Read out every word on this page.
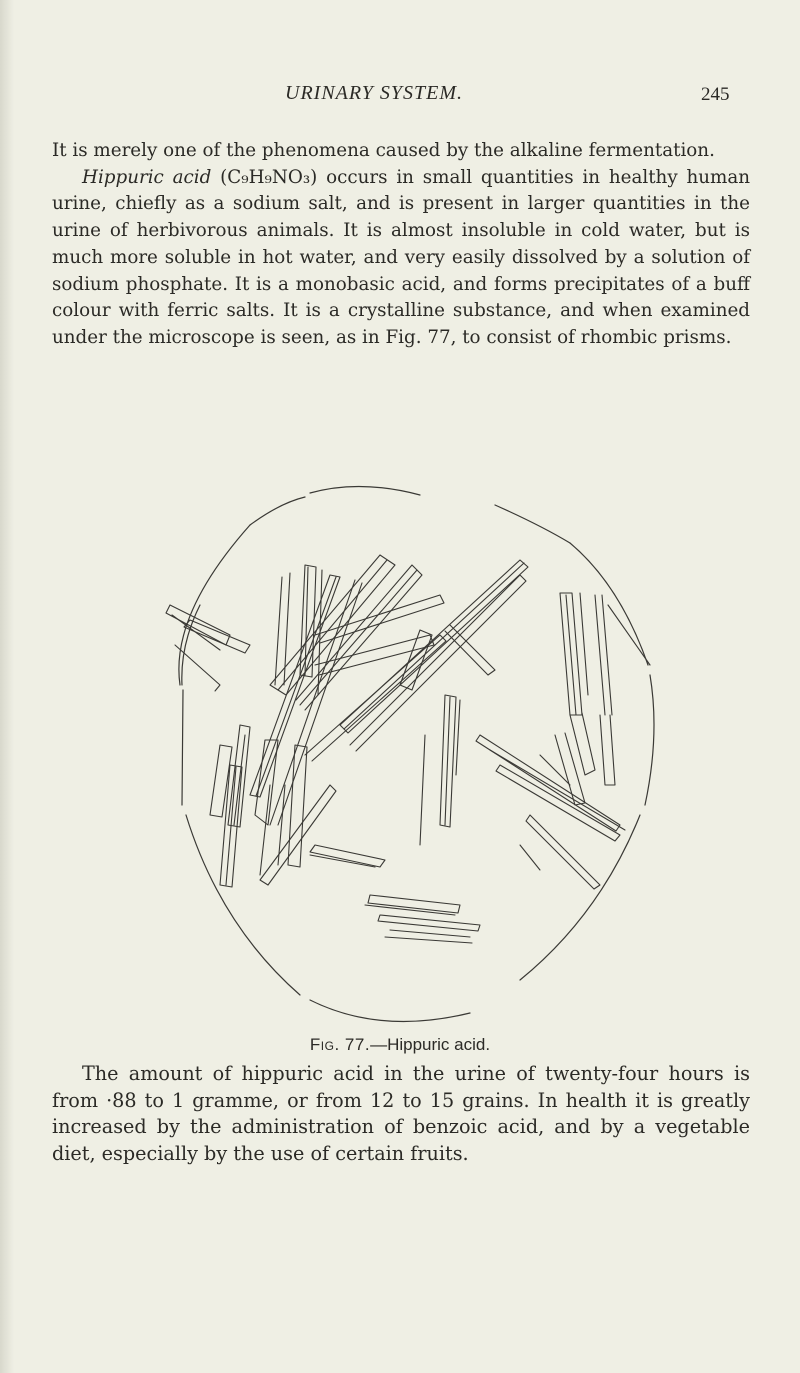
URINARY SYSTEM.	245

It is merely one of the phenomena caused by the alkaline fermentation.

Hippuric acid (C₉H₉NO₃) occurs in small quantities in healthy human urine, chiefly as a sodium salt, and is present in larger quantities in the urine of herbivorous animals. It is almost insoluble in cold water, but is much more soluble in hot water, and very easily dissolved by a solution of sodium phosphate. It is a monobasic acid, and forms precipitates of a buff colour with ferric salts. It is a crystalline substance, and when examined under the microscope is seen, as in Fig. 77, to consist of rhombic prisms.

Fig. 77.—Hippuric acid.

The amount of hippuric acid in the urine of twenty-four hours is from ·88 to 1 gramme, or from 12 to 15 grains. In health it is greatly increased by the administration of benzoic acid, and by a vegetable diet, especially by the use of certain fruits.
